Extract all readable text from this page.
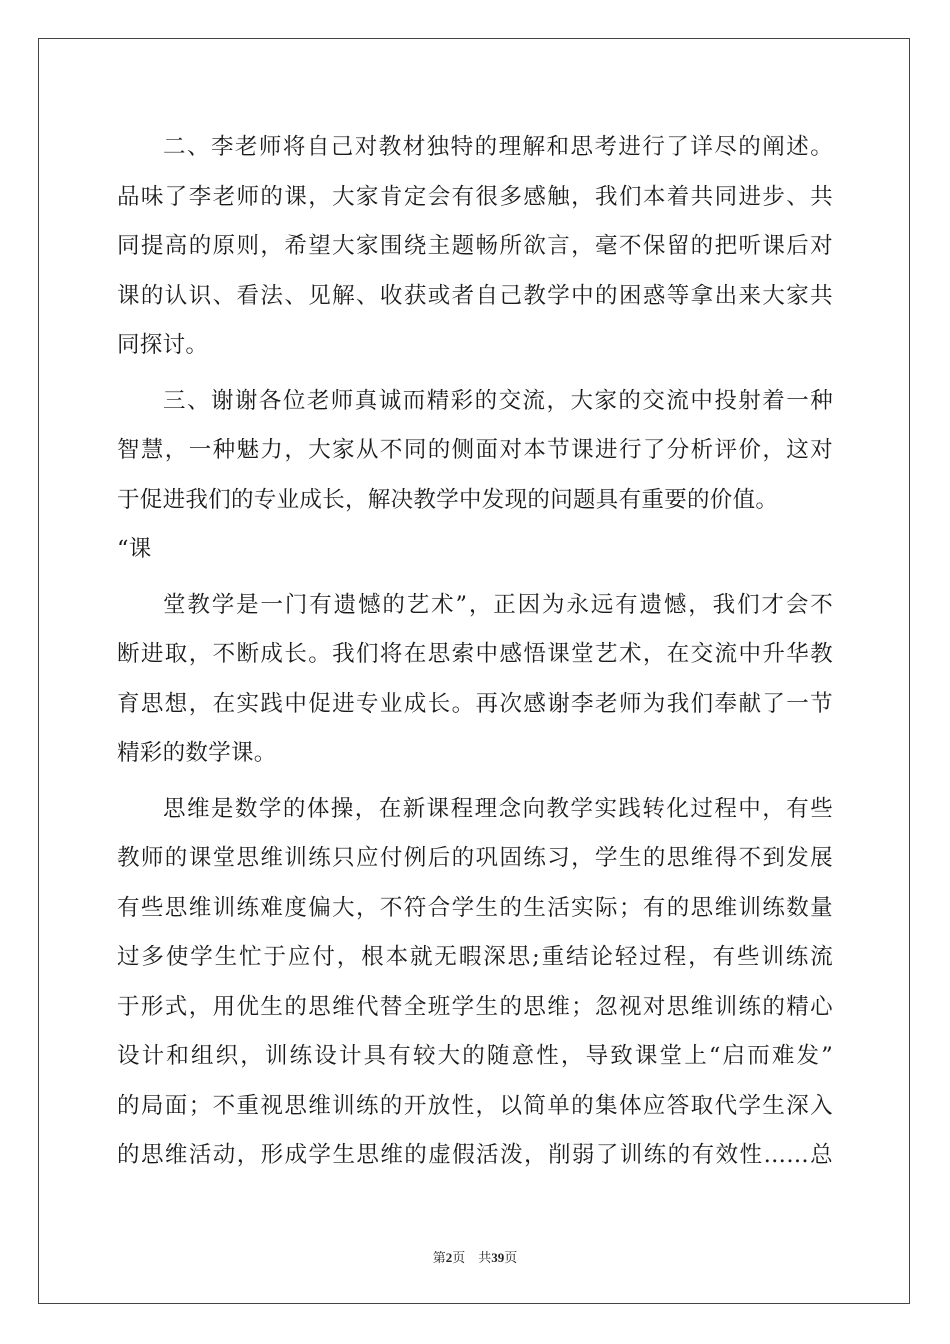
二、李老师将自己对教材独特的理解和思考进行了详尽的阐述。
品味了李老师的课，大家肯定会有很多感触，我们本着共同进步、共
同提高的原则，希望大家围绕主题畅所欲言，毫不保留的把听课后对
课的认识、看法、见解、收获或者自己教学中的困惑等拿出来大家共
同探讨。
三、谢谢各位老师真诚而精彩的交流，大家的交流中投射着一种
智慧，一种魅力，大家从不同的侧面对本节课进行了分析评价，这对
于促进我们的专业成长，解决教学中发现的问题具有重要的价值。
“课
堂教学是一门有遗憾的艺术”，正因为永远有遗憾，我们才会不
断进取，不断成长。我们将在思索中感悟课堂艺术，在交流中升华教
育思想，在实践中促进专业成长。再次感谢李老师为我们奉献了一节
精彩的数学课。
思维是数学的体操，在新课程理念向教学实践转化过程中，有些
教师的课堂思维训练只应付例后的巩固练习，学生的思维得不到发展
有些思维训练难度偏大，不符合学生的生活实际；有的思维训练数量
过多使学生忙于应付，根本就无暇深思;重结论轻过程，有些训练流
于形式，用优生的思维代替全班学生的思维；忽视对思维训练的精心
设计和组织，训练设计具有较大的随意性，导致课堂上“启而难发”
的局面；不重视思维训练的开放性，以简单的集体应答取代学生深入
的思维活动，形成学生思维的虚假活泼，削弱了训练的有效性……总
第2页　共39页
